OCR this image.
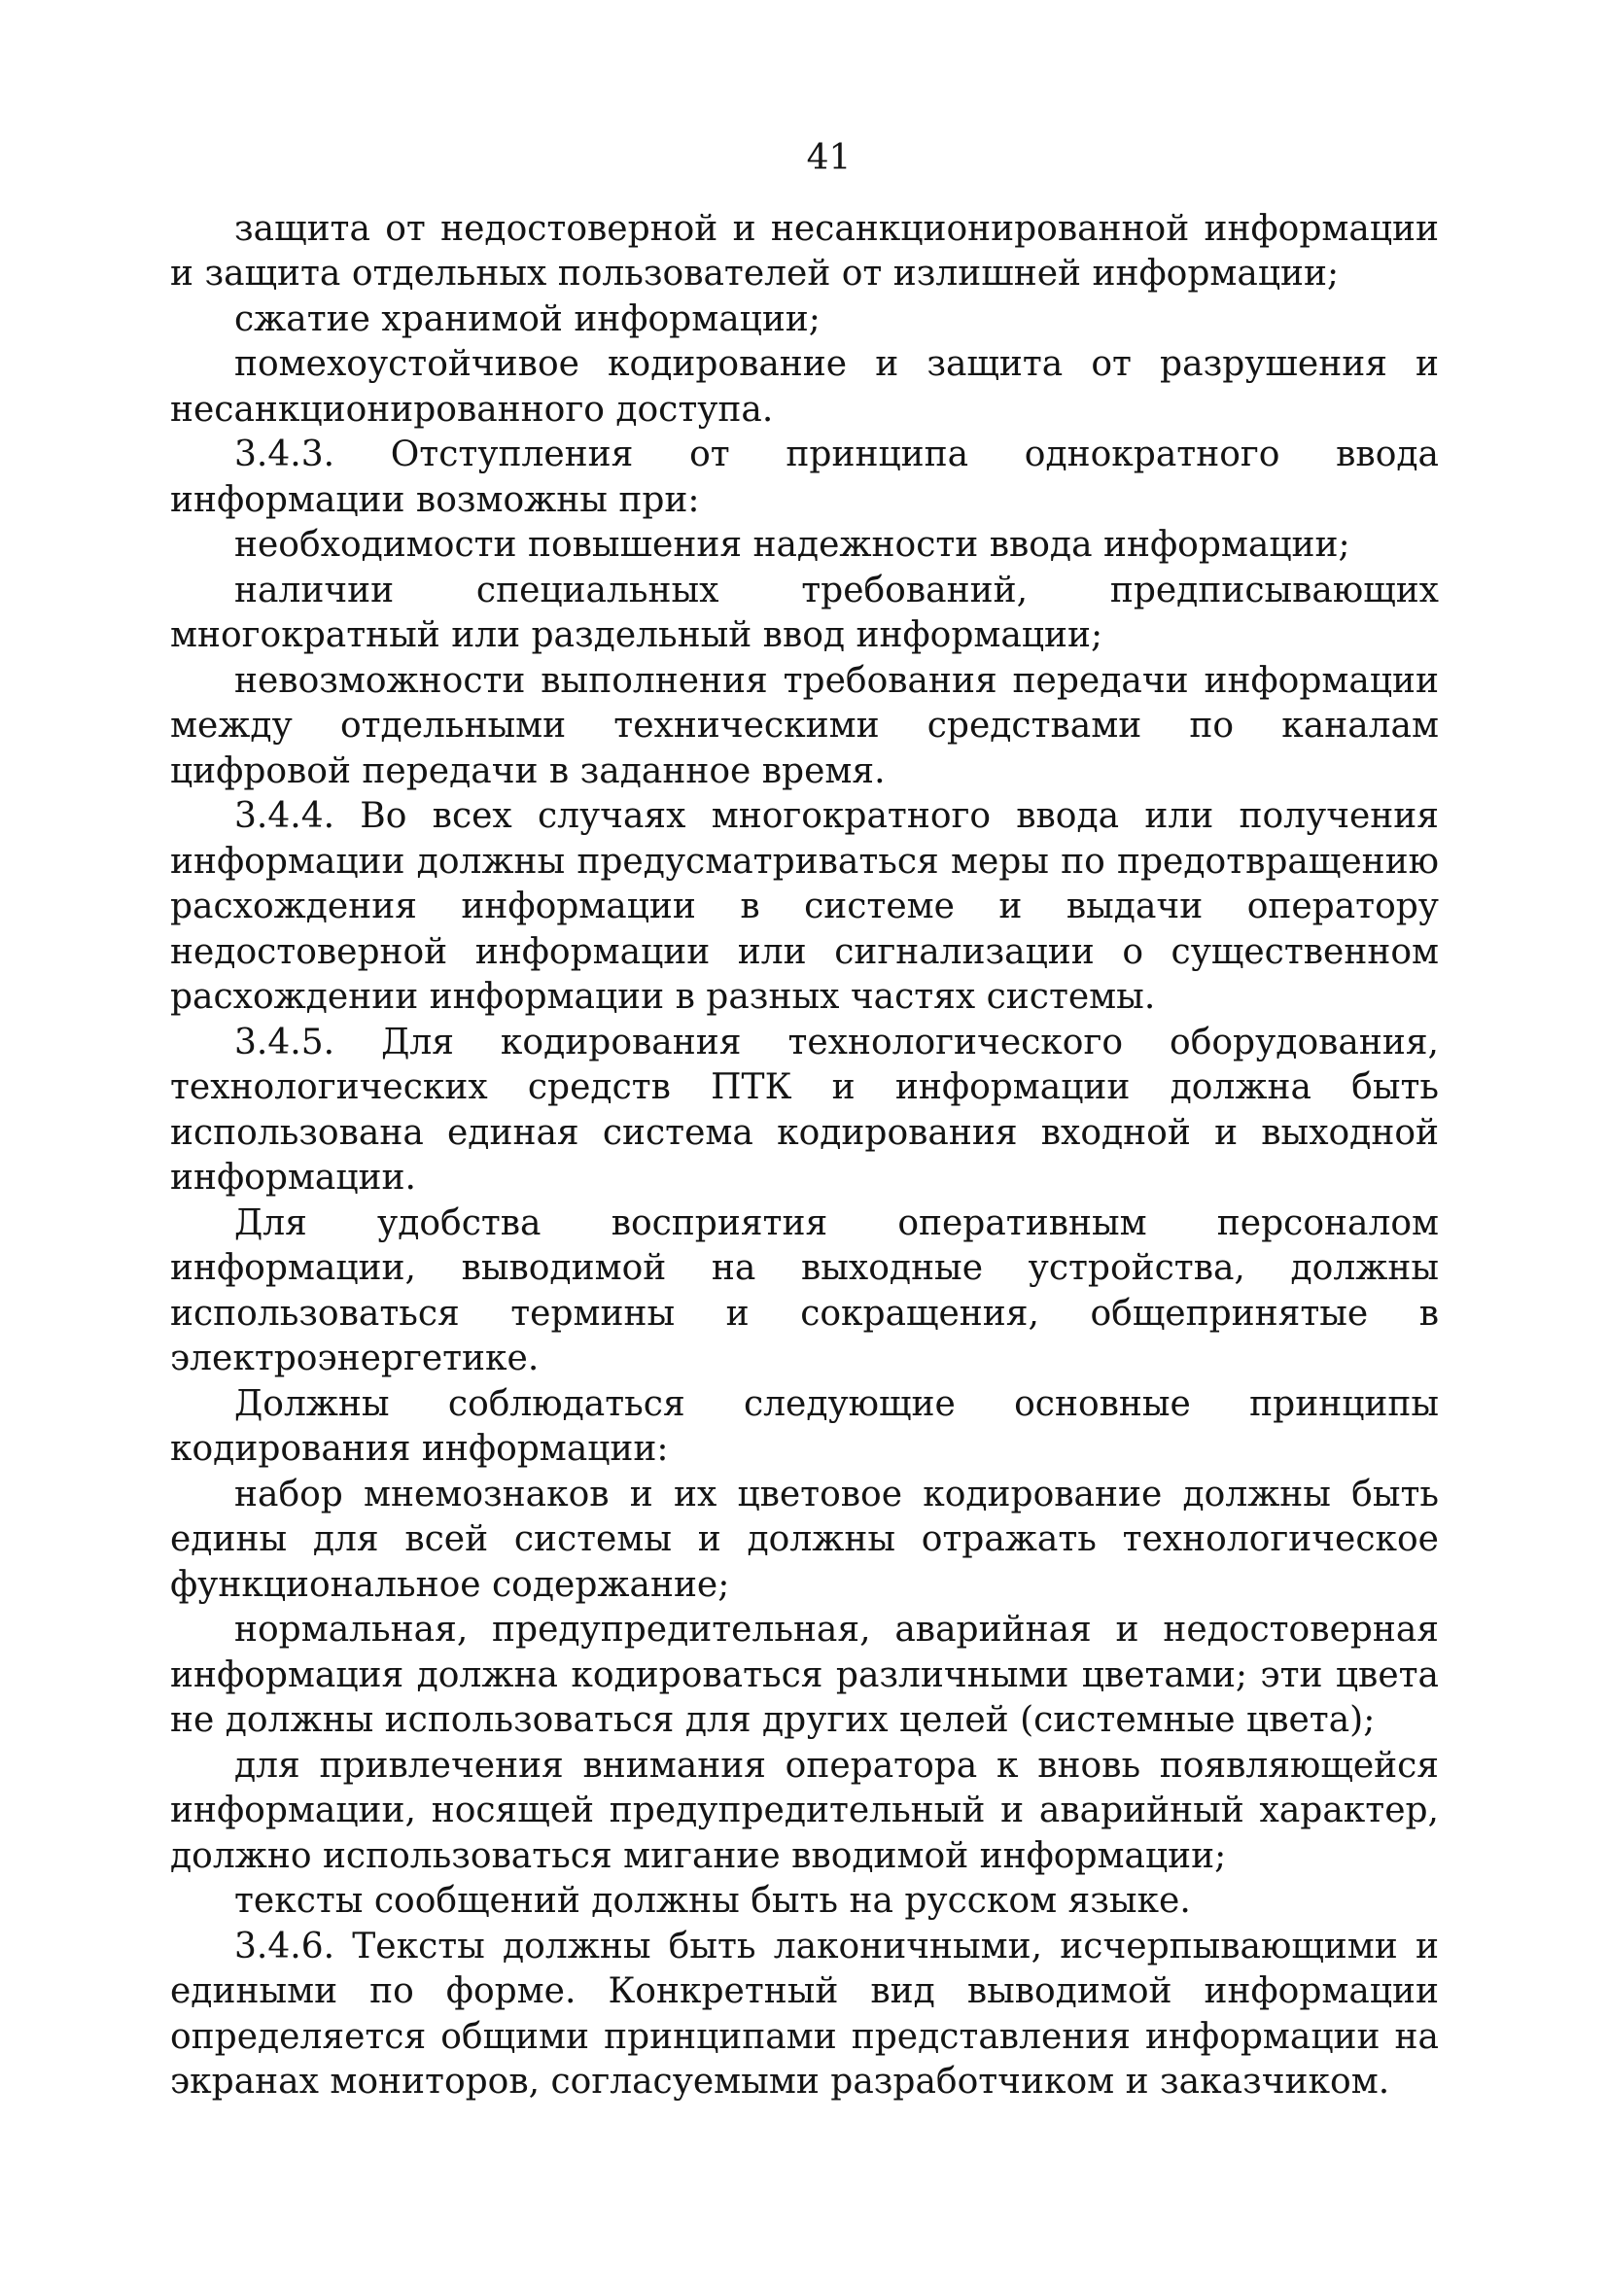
41

защита от недостоверной и несанкционированной информации и защита отдельных пользователей от излишней информации;

сжатие хранимой информации;

помехоустойчивое кодирование и защита от разрушения и несанкционированного доступа.

3.4.3. Отступления от принципа однократного ввода информации возможны при:

необходимости повышения надежности ввода информации;

наличии специальных требований, предписывающих многократный или раздельный ввод информации;

невозможности выполнения требования передачи информации между отдельными техническими средствами по каналам цифровой передачи в заданное время.

3.4.4. Во всех случаях многократного ввода или получения информации должны предусматриваться меры по предотвращению расхождения информации в системе и выдачи оператору недостоверной информации или сигнализации о существенном расхождении информации в разных частях системы.

3.4.5. Для кодирования технологического оборудования, технологических средств ПТК и информации должна быть использована единая система кодирования входной и выходной информации.

Для удобства восприятия оперативным персоналом информации, выводимой на выходные устройства, должны использоваться термины и сокращения, общепринятые в электроэнергетике.

Должны соблюдаться следующие основные принципы кодирования информации:

набор мнемознаков и их цветовое кодирование должны быть едины для всей системы и должны отражать технологическое функциональное содержание;

нормальная, предупредительная, аварийная и недостоверная информация должна кодироваться различными цветами; эти цвета не должны использоваться для других целей (системные цвета);

для привлечения внимания оператора к вновь появляющейся информации, носящей предупредительный и аварийный характер, должно использоваться мигание вводимой информации;

тексты сообщений должны быть на русском языке.

3.4.6. Тексты должны быть лаконичными, исчерпывающими и едиными по форме. Конкретный вид выводимой информации определяется общими принципами представления информации на экранах мониторов, согласуемыми разработчиком и заказчиком.
